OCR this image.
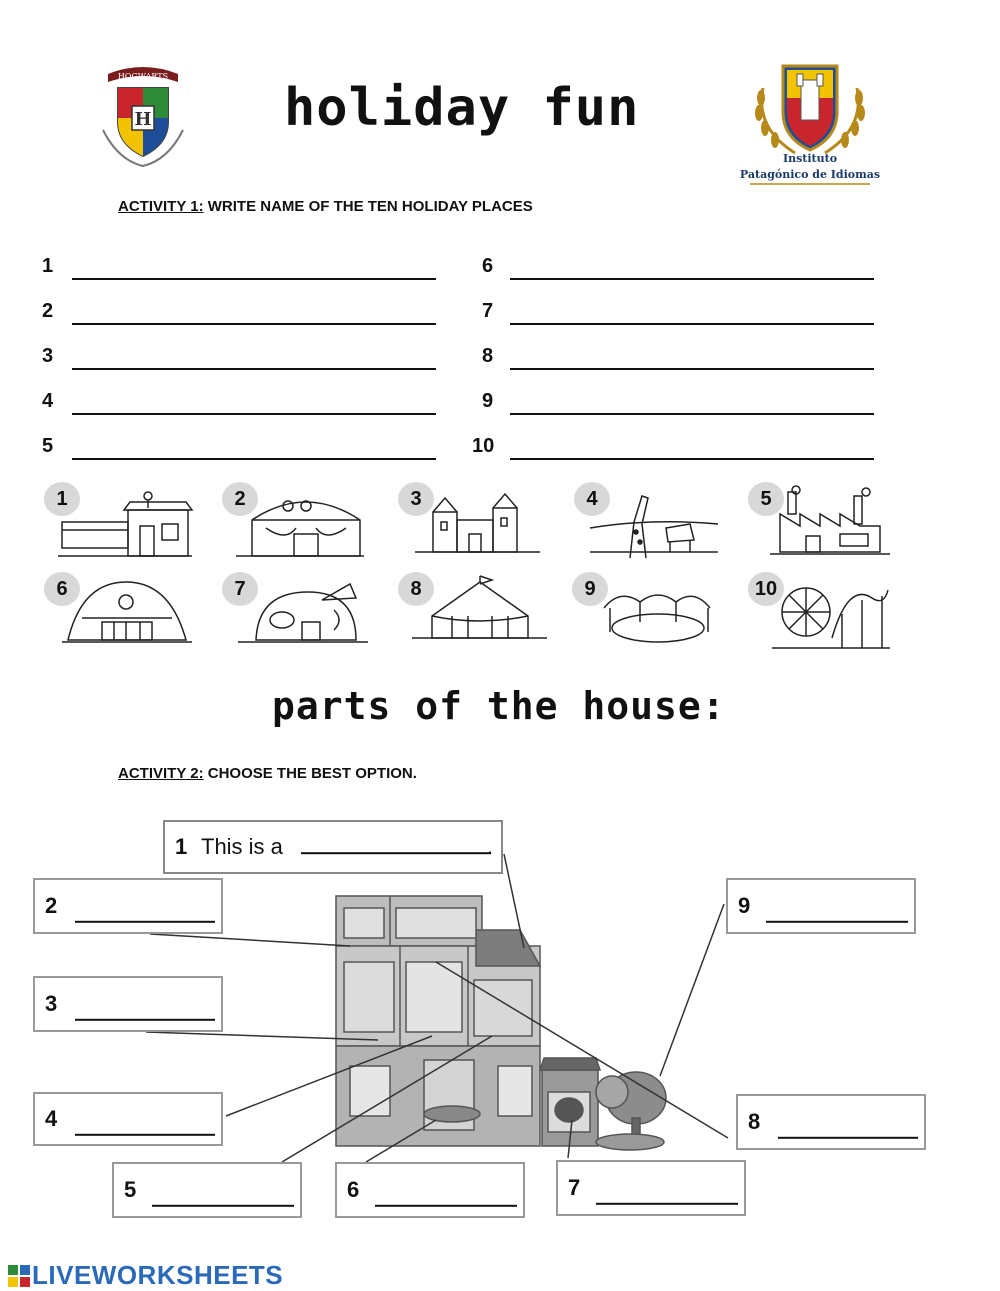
HOGWARTS
H	holiday fun
Instituto
Patagónico de Idiomas
ACTIVITY 1: WRITE NAME OF THE TEN HOLIDAY PLACES
1
2
3
4
5
6
7
8
9
10
1	2	3	4	5
6	7	8	9	10
parts of the house:
ACTIVITY 2: CHOOSE THE BEST OPTION.
1 This is a	.
2
3
4
5	6	7
8
9
LIVEWORKSHEETS
